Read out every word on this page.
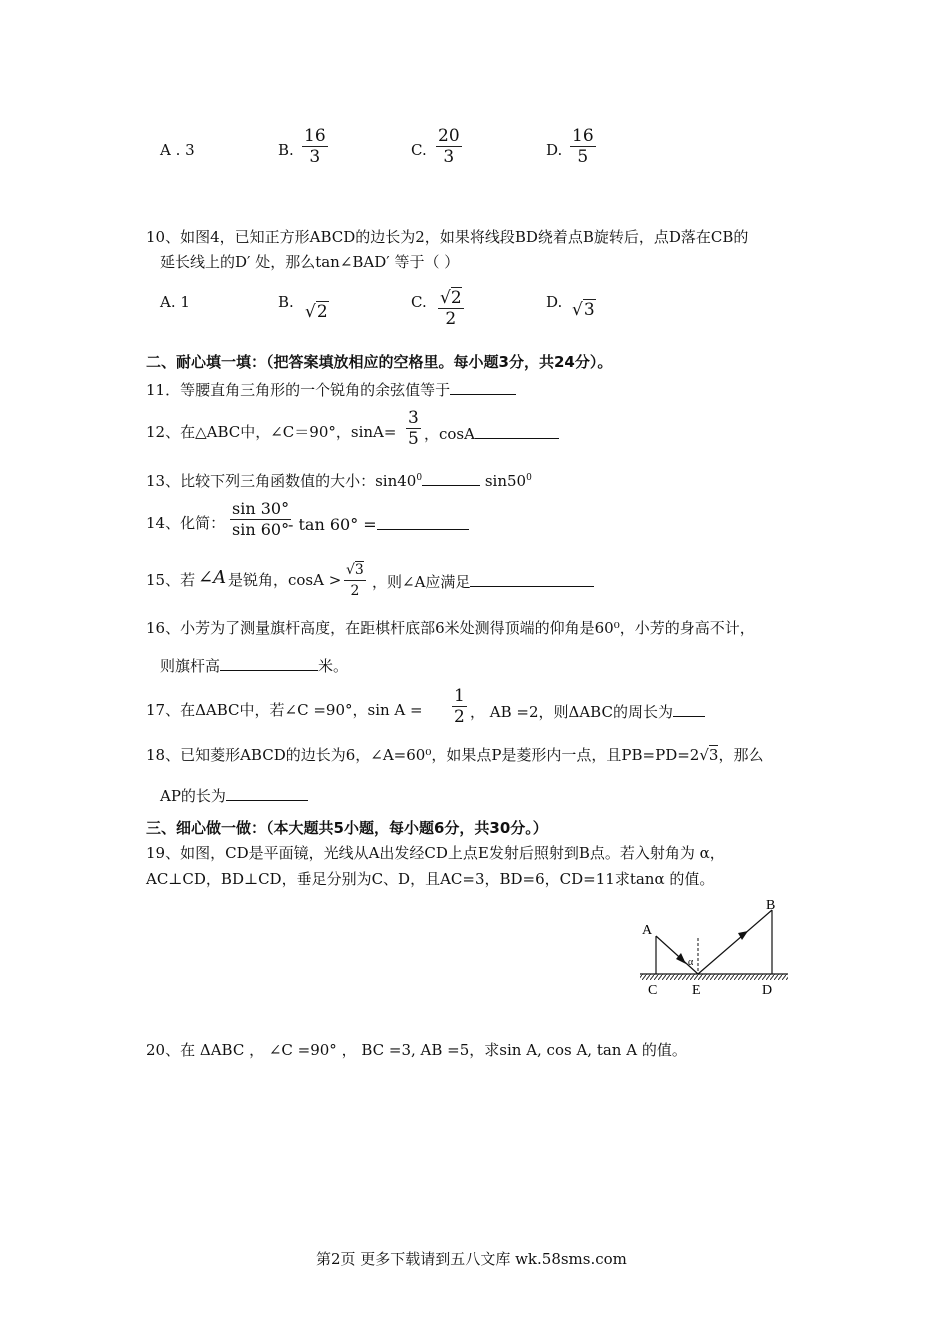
A . 3	B.
16
3	C.
20
3	D.
16
5
10、如图4，已知正方形ABCD的边长为2，如果将线段BD绕着点B旋转后，点D落在CB的
延长线上的D′ 处，那么tan∠BAD′ 等于（ ）
A. 1	B. √2	C. √2
2
D. √3
二、耐心填一填：（把答案填放相应的空格里。每小题3分，共24分）。
11．等腰直角三角形的一个锐角的余弦值等于
12、在△ABC中，∠C＝90°，sinA=
3
5 ，cosA
13、比较下列三角函数值的大小：$\sin 40^0$	$\sin 50^0$
14、化简：
sin 30°
sin 60°
- tan 60° =
15、若 ∠A 是锐角，cosA >
√3
2 ，则∠A应满足
16、小芳为了测量旗杆高度，在距棋杆底部6米处测得顶端的仰角是60⁰，小芳的身高不计，
则旗杆高	米。
17、在ΔABC中，若∠C =90°，sin A =
1
2 ， AB =2，则ΔABC的周长为
18、已知菱形ABCD的边长为6，∠A=60⁰，如果点P是菱形内一点，且PB=PD=2√3，那么
AP的长为
三、细心做一做：（本大题共5小题，每小题6分，共30分。）
19、如图，CD是平面镜，光线从A出发经CD上点E发射后照射到B点。若入射角为 α，
AC⊥CD，BD⊥CD，垂足分别为C、D，且AC=3，BD=6，CD=11求tanα 的值。
A
B
C E	D
α
20、在 ΔABC ， ∠C =90° ， BC =3, AB =5，求sin A, cos A, tan A 的值。
第2页 更多下载请到五八文库 wk.58sms.com
